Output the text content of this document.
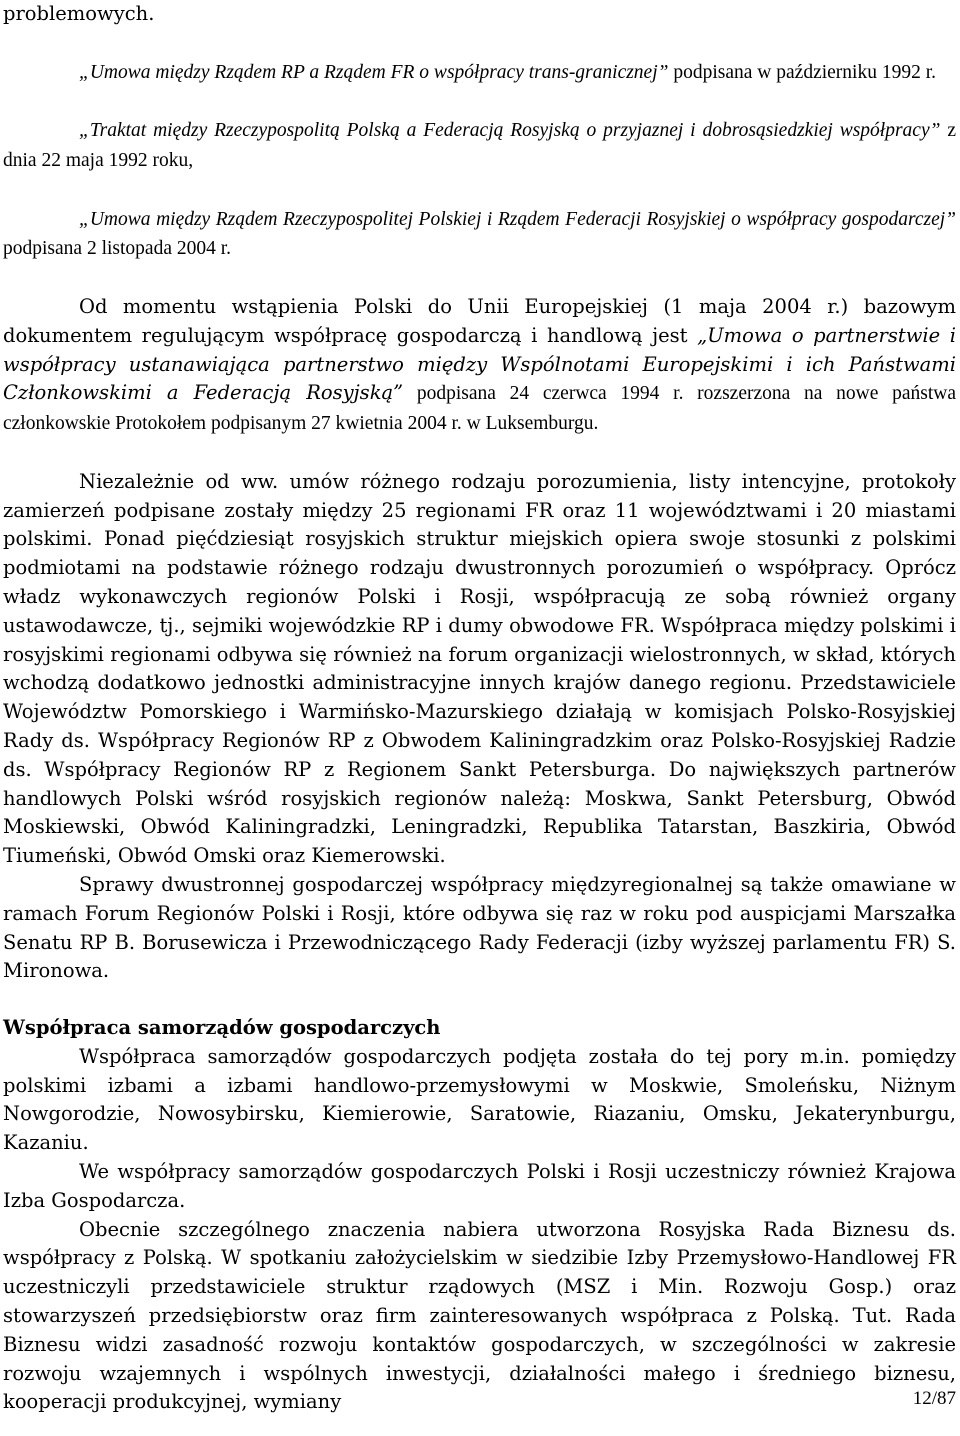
problemowych.

„Umowa między Rządem RP a Rządem FR o współpracy trans-granicznej” podpisana w październiku 1992 r.

„Traktat między Rzeczypospolitą Polską a Federacją Rosyjską o przyjaznej i dobrosąsiedzkiej współpracy” z dnia 22 maja 1992 roku,

„Umowa między Rządem Rzeczypospolitej Polskiej i Rządem Federacji Rosyjskiej o współpracy gospodarczej” podpisana 2 listopada 2004 r.

Od momentu wstąpienia Polski do Unii Europejskiej (1 maja 2004 r.) bazowym dokumentem regulującym współpracę gospodarczą i handlową jest „Umowa o partnerstwie i współpracy ustanawiająca partnerstwo między Wspólnotami Europejskimi i ich Państwami Członkowskimi a Federacją Rosyjską” podpisana 24 czerwca 1994 r. rozszerzona na nowe państwa członkowskie Protokołem podpisanym 27 kwietnia 2004 r. w Luksemburgu.

Niezależnie od ww. umów różnego rodzaju porozumienia, listy intencyjne, protokoły zamierzeń podpisane zostały między 25 regionami FR oraz 11 województwami i 20 miastami polskimi. Ponad pięćdziesiąt rosyjskich struktur miejskich opiera swoje stosunki z polskimi podmiotami na podstawie różnego rodzaju dwustronnych porozumień o współpracy. Oprócz władz wykonawczych regionów Polski i Rosji, współpracują ze sobą również organy ustawodawcze, tj., sejmiki wojewódzkie RP i dumy obwodowe FR. Współpraca między polskimi i rosyjskimi regionami odbywa się również na forum organizacji wielostronnych, w skład, których wchodzą dodatkowo jednostki administracyjne innych krajów danego regionu. Przedstawiciele Województw Pomorskiego i Warmińsko-Mazurskiego działają w komisjach Polsko-Rosyjskiej Rady ds. Współpracy Regionów RP z Obwodem Kaliningradzkim oraz Polsko-Rosyjskiej Radzie ds. Współpracy Regionów RP z Regionem Sankt Petersburga. Do największych partnerów handlowych Polski wśród rosyjskich regionów należą: Moskwa, Sankt Petersburg, Obwód Moskiewski, Obwód Kaliningradzki, Leningradzki, Republika Tatarstan, Baszkiria, Obwód Tiumeński, Obwód Omski oraz Kiemerowski.

Sprawy dwustronnej gospodarczej współpracy międzyregionalnej są także omawiane w ramach Forum Regionów Polski i Rosji, które odbywa się raz w roku pod auspicjami Marszałka Senatu RP B. Borusewicza i Przewodniczącego Rady Federacji (izby wyższej parlamentu FR) S. Mironowa.

Współpraca samorządów gospodarczych

Współpraca samorządów gospodarczych podjęta została do tej pory m.in. pomiędzy polskimi izbami a izbami handlowo-przemysłowymi w Moskwie, Smoleńsku, Niżnym Nowgorodzie, Nowosybirsku, Kiemierowie, Saratowie, Riazaniu, Omsku, Jekaterynburgu, Kazaniu.

We współpracy samorządów gospodarczych Polski i Rosji uczestniczy również Krajowa Izba Gospodarcza.

Obecnie szczególnego znaczenia nabiera utworzona Rosyjska Rada Biznesu ds. współpracy z Polską. W spotkaniu założycielskim w siedzibie Izby Przemysłowo-Handlowej FR uczestniczyli przedstawiciele struktur rządowych (MSZ i Min. Rozwoju Gosp.) oraz stowarzyszeń przedsiębiorstw oraz firm zainteresowanych współpraca z Polską. Tut. Rada Biznesu widzi zasadność rozwoju kontaktów gospodarczych, w szczególności w zakresie rozwoju wzajemnych i wspólnych inwestycji, działalności małego i średniego biznesu, kooperacji produkcyjnej, wymiany	12/87
